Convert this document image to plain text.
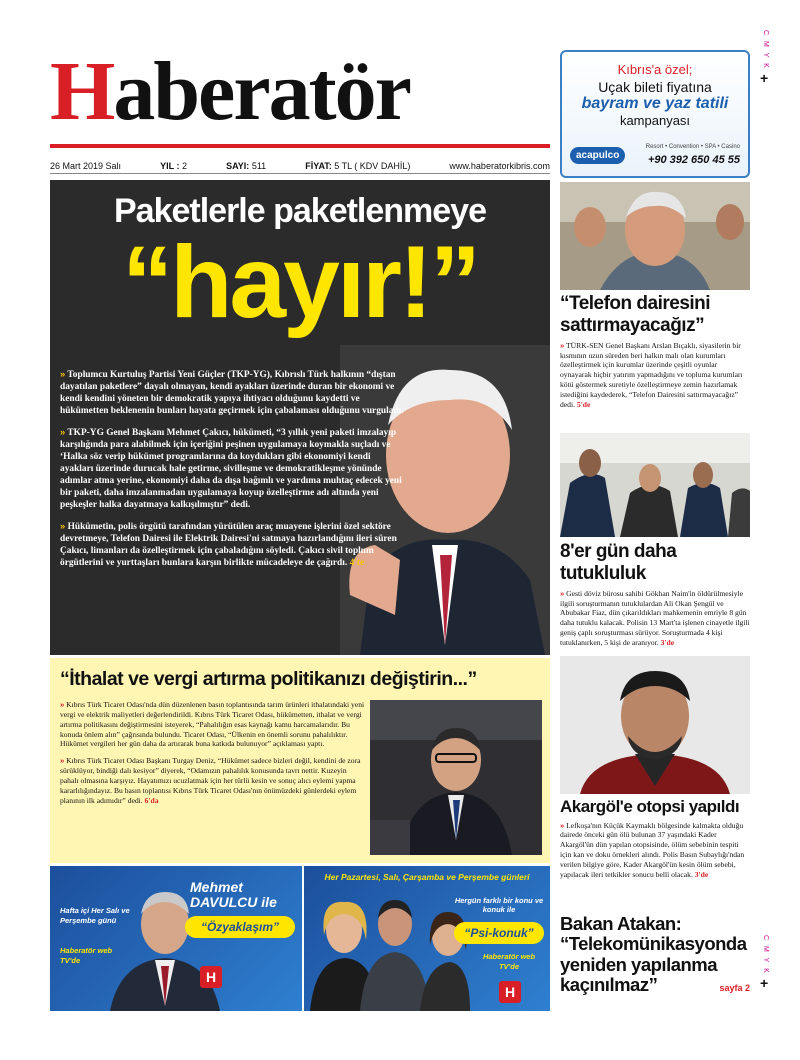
Haberatör
26 Mart 2019 Salı	YIL : 2	SAYI: 511	FİYAT: 5 TL ( KDV DAHİL)	www.haberatorkibris.com
Kıbrıs'a özel;
Uçak bileti fiyatına
bayram ve yaz tatili
kampanyası
Resort • Convention • SPA • Casino
acapulco	+90 392 650 45 55
C M Y K
+
C M Y K
+
Paketlerle paketlenmeye
“hayır!”

» Toplumcu Kurtuluş Partisi Yeni Güçler (TKP-YG), Kıbrıslı Türk halkının “dıştan dayatılan paketlere” dayalı olmayan, kendi ayakları üzerinde duran bir ekonomi ve kendi kendini yöneten bir demokratik yapıya ihtiyacı olduğunu kaydetti ve hükümetten beklenenin bunları hayata geçirmek için çabalaması olduğunu vurguladı.

» TKP-YG Genel Başkanı Mehmet Çakıcı, hükümeti, “3 yıllık yeni paketi imzalayıp karşılığında para alabilmek için içeriğini peşinen uygulamaya koymakla suçladı ve ‘Halka söz verip hükümet programlarına da koydukları gibi ekonomiyi kendi ayakları üzerinde durucak hale getirme, sivilleşme ve demokratikleşme yönünde adımlar atma yerine, ekonomiyi daha da dışa bağımlı ve yardıma muhtaç edecek yeni bir paketi, daha imzalanmadan uygulamaya koyup özelleştirme adı altında yeni peşkeşler halka dayatmaya kalkışılmıştır” dedi.

» Hükümetin, polis örgütü tarafından yürütülen araç muayene işlerini özel sektöre devretmeye, Telefon Dairesi ile Elektrik Dairesi'ni satmaya hazırlandığını ileri süren Çakıcı, limanları da özelleştirmek için çabaladığını söyledi. Çakıcı sivil toplum örgütlerini ve yurttaşları bunlara karşın birlikte mücadeleye de çağırdı. 4'te

“Telefon dairesini sattırmayacağız”
» TÜRK-SEN Genel Başkanı Arslan Bıçaklı, siyasilerin bir kısmının uzun süreden beri halkın malı olan kurumları özelleştirmek için kurumlar üzerinde çeşitli oyunlar oynayarak hiçbir yatırım yapmadığını ve topluma kurumları kötü göstermek suretiyle özelleştirmeye zemin hazırlamak istediğini kaydederek, “Telefon Dairesini sattırmayacağız” dedi. 5'de
8'er gün daha tutukluluk
» Gesti döviz bürosu sahibi Gökhan Naim'in öldürülmesiyle ilgili soruşturmanın tutuklulardan Ali Okan Şengül ve Abubakar Fiaz, dün çıkarıldıkları mahkemenin emriyle 8 gün daha tutuklu kalacak. Polisin 13 Mart'ta işlenen cinayetle ilgili geniş çaplı soruşturması sürüyor. Soruşturmada 4 kişi tutuklanırken, 5 kişi de aranıyor. 3'de
Akargöl'e otopsi yapıldı
» Lefkoşa'nın Küçük Kaymaklı bölgesinde kalmakta olduğu dairede önceki gün ölü bulunan 37 yaşındaki Kader Akargöl'ün dün yapılan otopsisinde, ölüm sebebinin tespiti için kan ve doku örnekleri alındı. Polis Basın Subaylığı'ndan verilen bilgiye göre, Kader Akargöl'ün kesin ölüm sebebi, yapılacak ileri tetkikler sonucu belli olacak. 3'de
Bakan Atakan: “Telekomünikasyonda yeniden yapılanma kaçınılmaz”	sayfa 2
“İthalat ve vergi artırma politikanızı değiştirin...”

» Kıbrıs Türk Ticaret Odası'nda dün düzenlenen basın toplantısında tarım ürünleri ithalatındaki yeni vergi ve elektrik maliyetleri değerlendirildi. Kıbrıs Türk Ticaret Odası, hükümetten, ithalat ve vergi artırma politikasını değiştirmesini isteyerek, “Pahalılığın esas kaynağı kamu harcamalarıdır. Bu konuda önlem alın” çağrısında bulundu. Ticaret Odası, “Ülkenin en önemli sorunu pahalılıktır. Hükümet vergileri her gün daha da artırarak buna katkıda bulunuyor” açıklaması yaptı.

» Kıbrıs Türk Ticaret Odası Başkanı Turgay Deniz, “Hükümet sadece bizleri değil, kendini de zora sürüklüyor, bindiği dalı kesiyor” diyerek, “Odamızın pahalılık konusunda tavrı nettir. Kuzeyin pahalı olmasına karşıyız. Hayatımızı ucuzlatmak için her türlü kesin ve sonuç alıcı eylemi yapma kararlılığındayız. Bu basın toplantısı Kıbrıs Türk Ticaret Odası'nın önümüzdeki günlerdeki eylem planının ilk adımıdır” dedi. 6'da

Hafta içi Her Salı ve Perşembe günü
Haberatör web TV'de
Mehmet DAVULCU ile
“Özyaklaşım”
H
Her Pazartesi, Salı, Çarşamba ve Perşembe günleri
Hergün farklı bir konu ve konuk ile
“Psi-konuk”
Haberatör web TV'de
H
